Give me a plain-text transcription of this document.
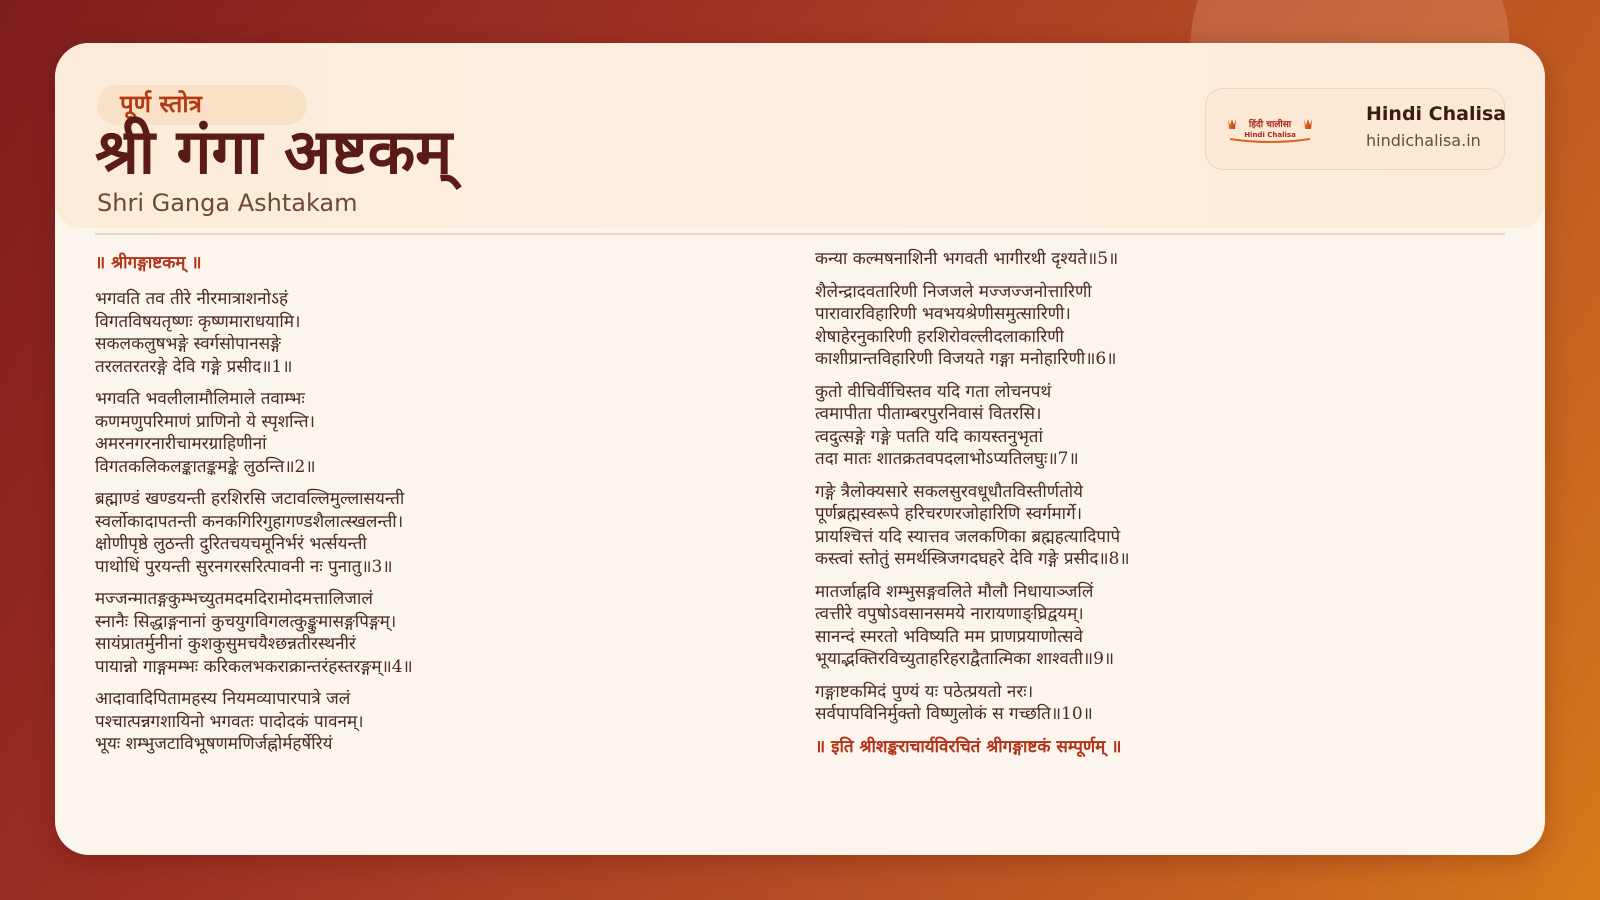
पूर्ण स्तोत्र
श्री गंगा अष्टकम्
Shri Ganga Ashtakam
हिंदी चालीसा
Hindi Chalisa
Hindi Chalisa
hindichalisa.in
॥ श्रीगङ्गाष्टकम् ॥
भगवति तव तीरे नीरमात्राशनोऽहं
विगतविषयतृष्णः कृष्णमाराधयामि।
सकलकलुषभङ्गे स्वर्गसोपानसङ्गे
तरलतरतरङ्गे देवि गङ्गे प्रसीद॥1॥
भगवति भवलीलामौलिमाले तवाम्भः
कणमणुपरिमाणं प्राणिनो ये स्पृशन्ति।
अमरनगरनारीचामरग्राहिणीनां
विगतकलिकलङ्कातङ्कमङ्के लुठन्ति॥2॥
ब्रह्माण्डं खण्डयन्ती हरशिरसि जटावल्लिमुल्लासयन्ती
स्वर्लोकादापतन्ती कनकगिरिगुहागण्डशैलात्स्खलन्ती।
क्षोणीपृष्ठे लुठन्ती दुरितचयचमूनिर्भरं भर्त्सयन्ती
पाथोधिं पुरयन्ती सुरनगरसरित्पावनी नः पुनातु॥3॥
मज्जन्मातङ्गकुम्भच्युतमदमदिरामोदमत्तालिजालं
स्नानैः सिद्धाङ्गनानां कुचयुगविगलत्कुङ्कुमासङ्गपिङ्गम्।
सायंप्रातर्मुनीनां कुशकुसुमचयैश्छन्नतीरस्थनीरं
पायान्नो गाङ्गमम्भः करिकलभकराक्रान्तरंहस्तरङ्गम्॥4॥
आदावादिपितामहस्य नियमव्यापारपात्रे जलं
पश्चात्पन्नगशायिनो भगवतः पादोदकं पावनम्।
भूयः शम्भुजटाविभूषणमणिर्जह्नोर्महर्षेरियं
कन्या कल्मषनाशिनी भगवती भागीरथी दृश्यते॥5॥
शैलेन्द्रादवतारिणी निजजले मज्जज्जनोत्तारिणी
पारावारविहारिणी भवभयश्रेणीसमुत्सारिणी।
शेषाहेरनुकारिणी हरशिरोवल्लीदलाकारिणी
काशीप्रान्तविहारिणी विजयते गङ्गा मनोहारिणी॥6॥
कुतो वीचिर्वीचिस्तव यदि गता लोचनपथं
त्वमापीता पीताम्बरपुरनिवासं वितरसि।
त्वदुत्सङ्गे गङ्गे पतति यदि कायस्तनुभृतां
तदा मातः शातक्रतवपदलाभोऽप्यतिलघुः॥7॥
गङ्गे त्रैलोक्यसारे सकलसुरवधूधौतविस्तीर्णतोये
पूर्णब्रह्मस्वरूपे हरिचरणरजोहारिणि स्वर्गमार्गे।
प्रायश्चित्तं यदि स्यात्तव जलकणिका ब्रह्महत्यादिपापे
कस्त्वां स्तोतुं समर्थस्त्रिजगदघहरे देवि गङ्गे प्रसीद॥8॥
मातर्जाह्नवि शम्भुसङ्गवलिते मौलौ निधायाञ्जलिं
त्वत्तीरे वपुषोऽवसानसमये नारायणाङ्घ्रिद्वयम्।
सानन्दं स्मरतो भविष्यति मम प्राणप्रयाणोत्सवे
भूयाद्भक्तिरविच्युताहरिहराद्वैतात्मिका शाश्वती॥9॥
गङ्गाष्टकमिदं पुण्यं यः पठेत्प्रयतो नरः।
सर्वपापविनिर्मुक्तो विष्णुलोकं स गच्छति॥10॥
॥ इति श्रीशङ्कराचार्यविरचितं श्रीगङ्गाष्टकं सम्पूर्णम् ॥
